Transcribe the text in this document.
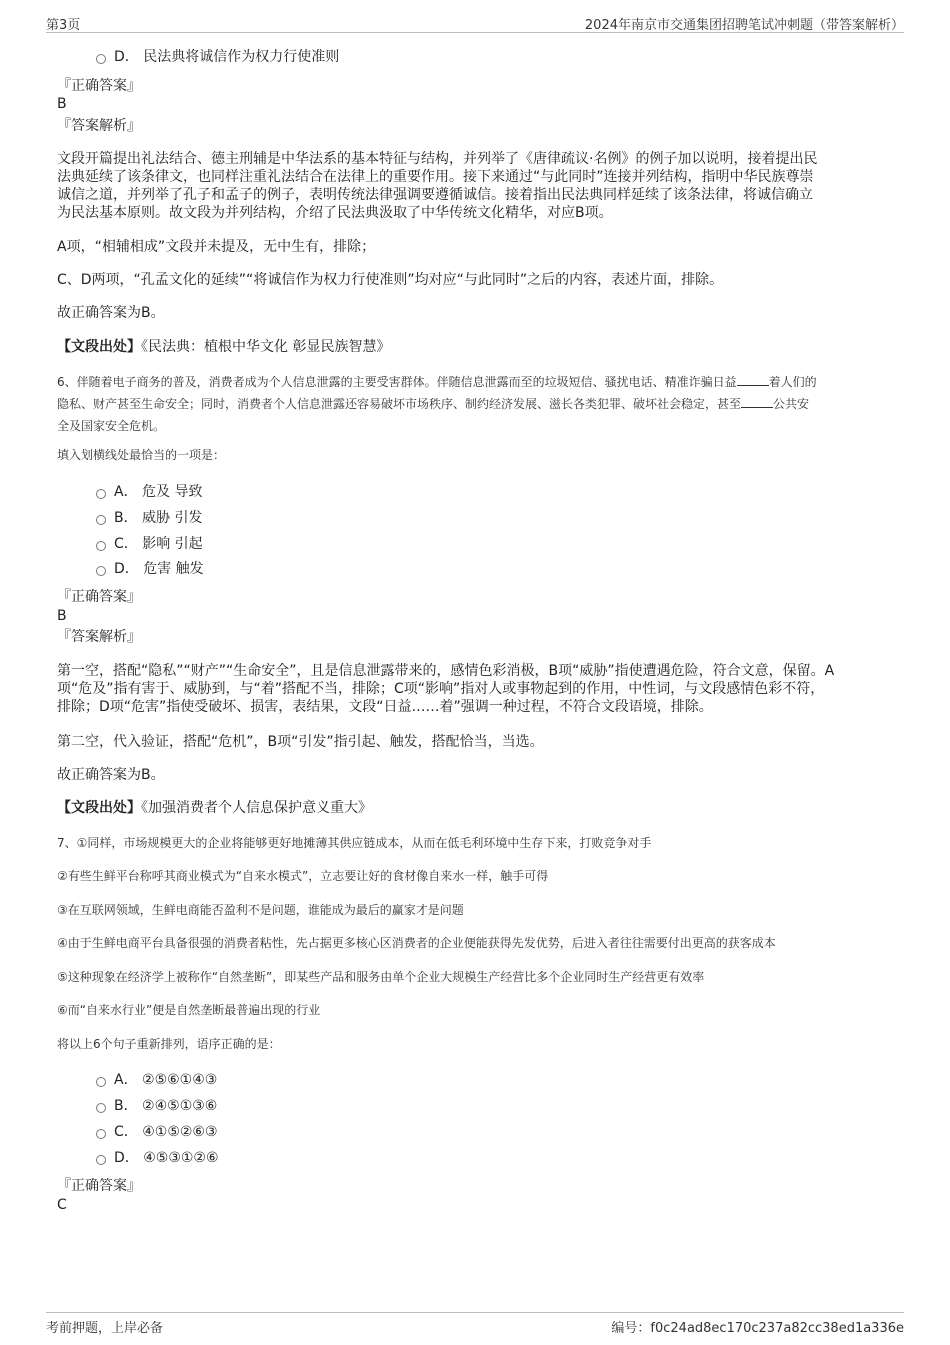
第3页	2024年南京市交通集团招聘笔试冲刺题（带答案解析）
D． 民法典将诚信作为权力行使准则
『正确答案』
B
『答案解析』
文段开篇提出礼法结合、德主刑辅是中华法系的基本特征与结构，并列举了《唐律疏议·名例》的例子加以说明，接着提出民
法典延续了该条律文，也同样注重礼法结合在法律上的重要作用。接下来通过“与此同时”连接并列结构，指明中华民族尊崇
诚信之道，并列举了孔子和孟子的例子，表明传统法律强调要遵循诚信。接着指出民法典同样延续了该条法律，将诚信确立
为民法基本原则。故文段为并列结构，介绍了民法典汲取了中华传统文化精华，对应B项。
A项，“相辅相成”文段并未提及，无中生有，排除；
C、D两项，“孔孟文化的延续”“将诚信作为权力行使准则”均对应“与此同时”之后的内容，表述片面，排除。
故正确答案为B。
【文段出处】《民法典：植根中华文化 彰显民族智慧》
6、伴随着电子商务的普及，消费者成为个人信息泄露的主要受害群体。伴随信息泄露而至的垃圾短信、骚扰电话、精准诈骗日益	着人们的
隐私、财产甚至生命安全；同时，消费者个人信息泄露还容易破坏市场秩序、制约经济发展、滋长各类犯罪、破坏社会稳定，甚至	公共安
全及国家安全危机。
填入划横线处最恰当的一项是：
A． 危及 导致
B． 威胁 引发
C． 影响 引起
D． 危害 触发
『正确答案』
B
『答案解析』
第一空，搭配“隐私”“财产”“生命安全”，且是信息泄露带来的，感情色彩消极，B项“威胁”指使遭遇危险，符合文意，保留。A
项“危及”指有害于、威胁到，与“着”搭配不当，排除；C项“影响”指对人或事物起到的作用，中性词，与文段感情色彩不符，
排除；D项“危害”指使受破坏、损害，表结果，文段“日益……着”强调一种过程，不符合文段语境，排除。
第二空，代入验证，搭配“危机”，B项“引发”指引起、触发，搭配恰当，当选。
故正确答案为B。
【文段出处】《加强消费者个人信息保护意义重大》
7、①同样，市场规模更大的企业将能够更好地摊薄其供应链成本，从而在低毛利环境中生存下来，打败竞争对手
②有些生鲜平台称呼其商业模式为“自来水模式”，立志要让好的食材像自来水一样，触手可得
③在互联网领域，生鲜电商能否盈利不是问题，谁能成为最后的赢家才是问题
④由于生鲜电商平台具备很强的消费者粘性，先占据更多核心区消费者的企业便能获得先发优势，后进入者往往需要付出更高的获客成本
⑤这种现象在经济学上被称作“自然垄断”，即某些产品和服务由单个企业大规模生产经营比多个企业同时生产经营更有效率
⑥而“自来水行业”便是自然垄断最普遍出现的行业
将以上6个句子重新排列，语序正确的是：
A． ②⑤⑥①④③
B． ②④⑤①③⑥
C． ④①⑤②⑥③
D． ④⑤③①②⑥
『正确答案』
C
考前押题，上岸必备	编号：f0c24ad8ec170c237a82cc38ed1a336e
